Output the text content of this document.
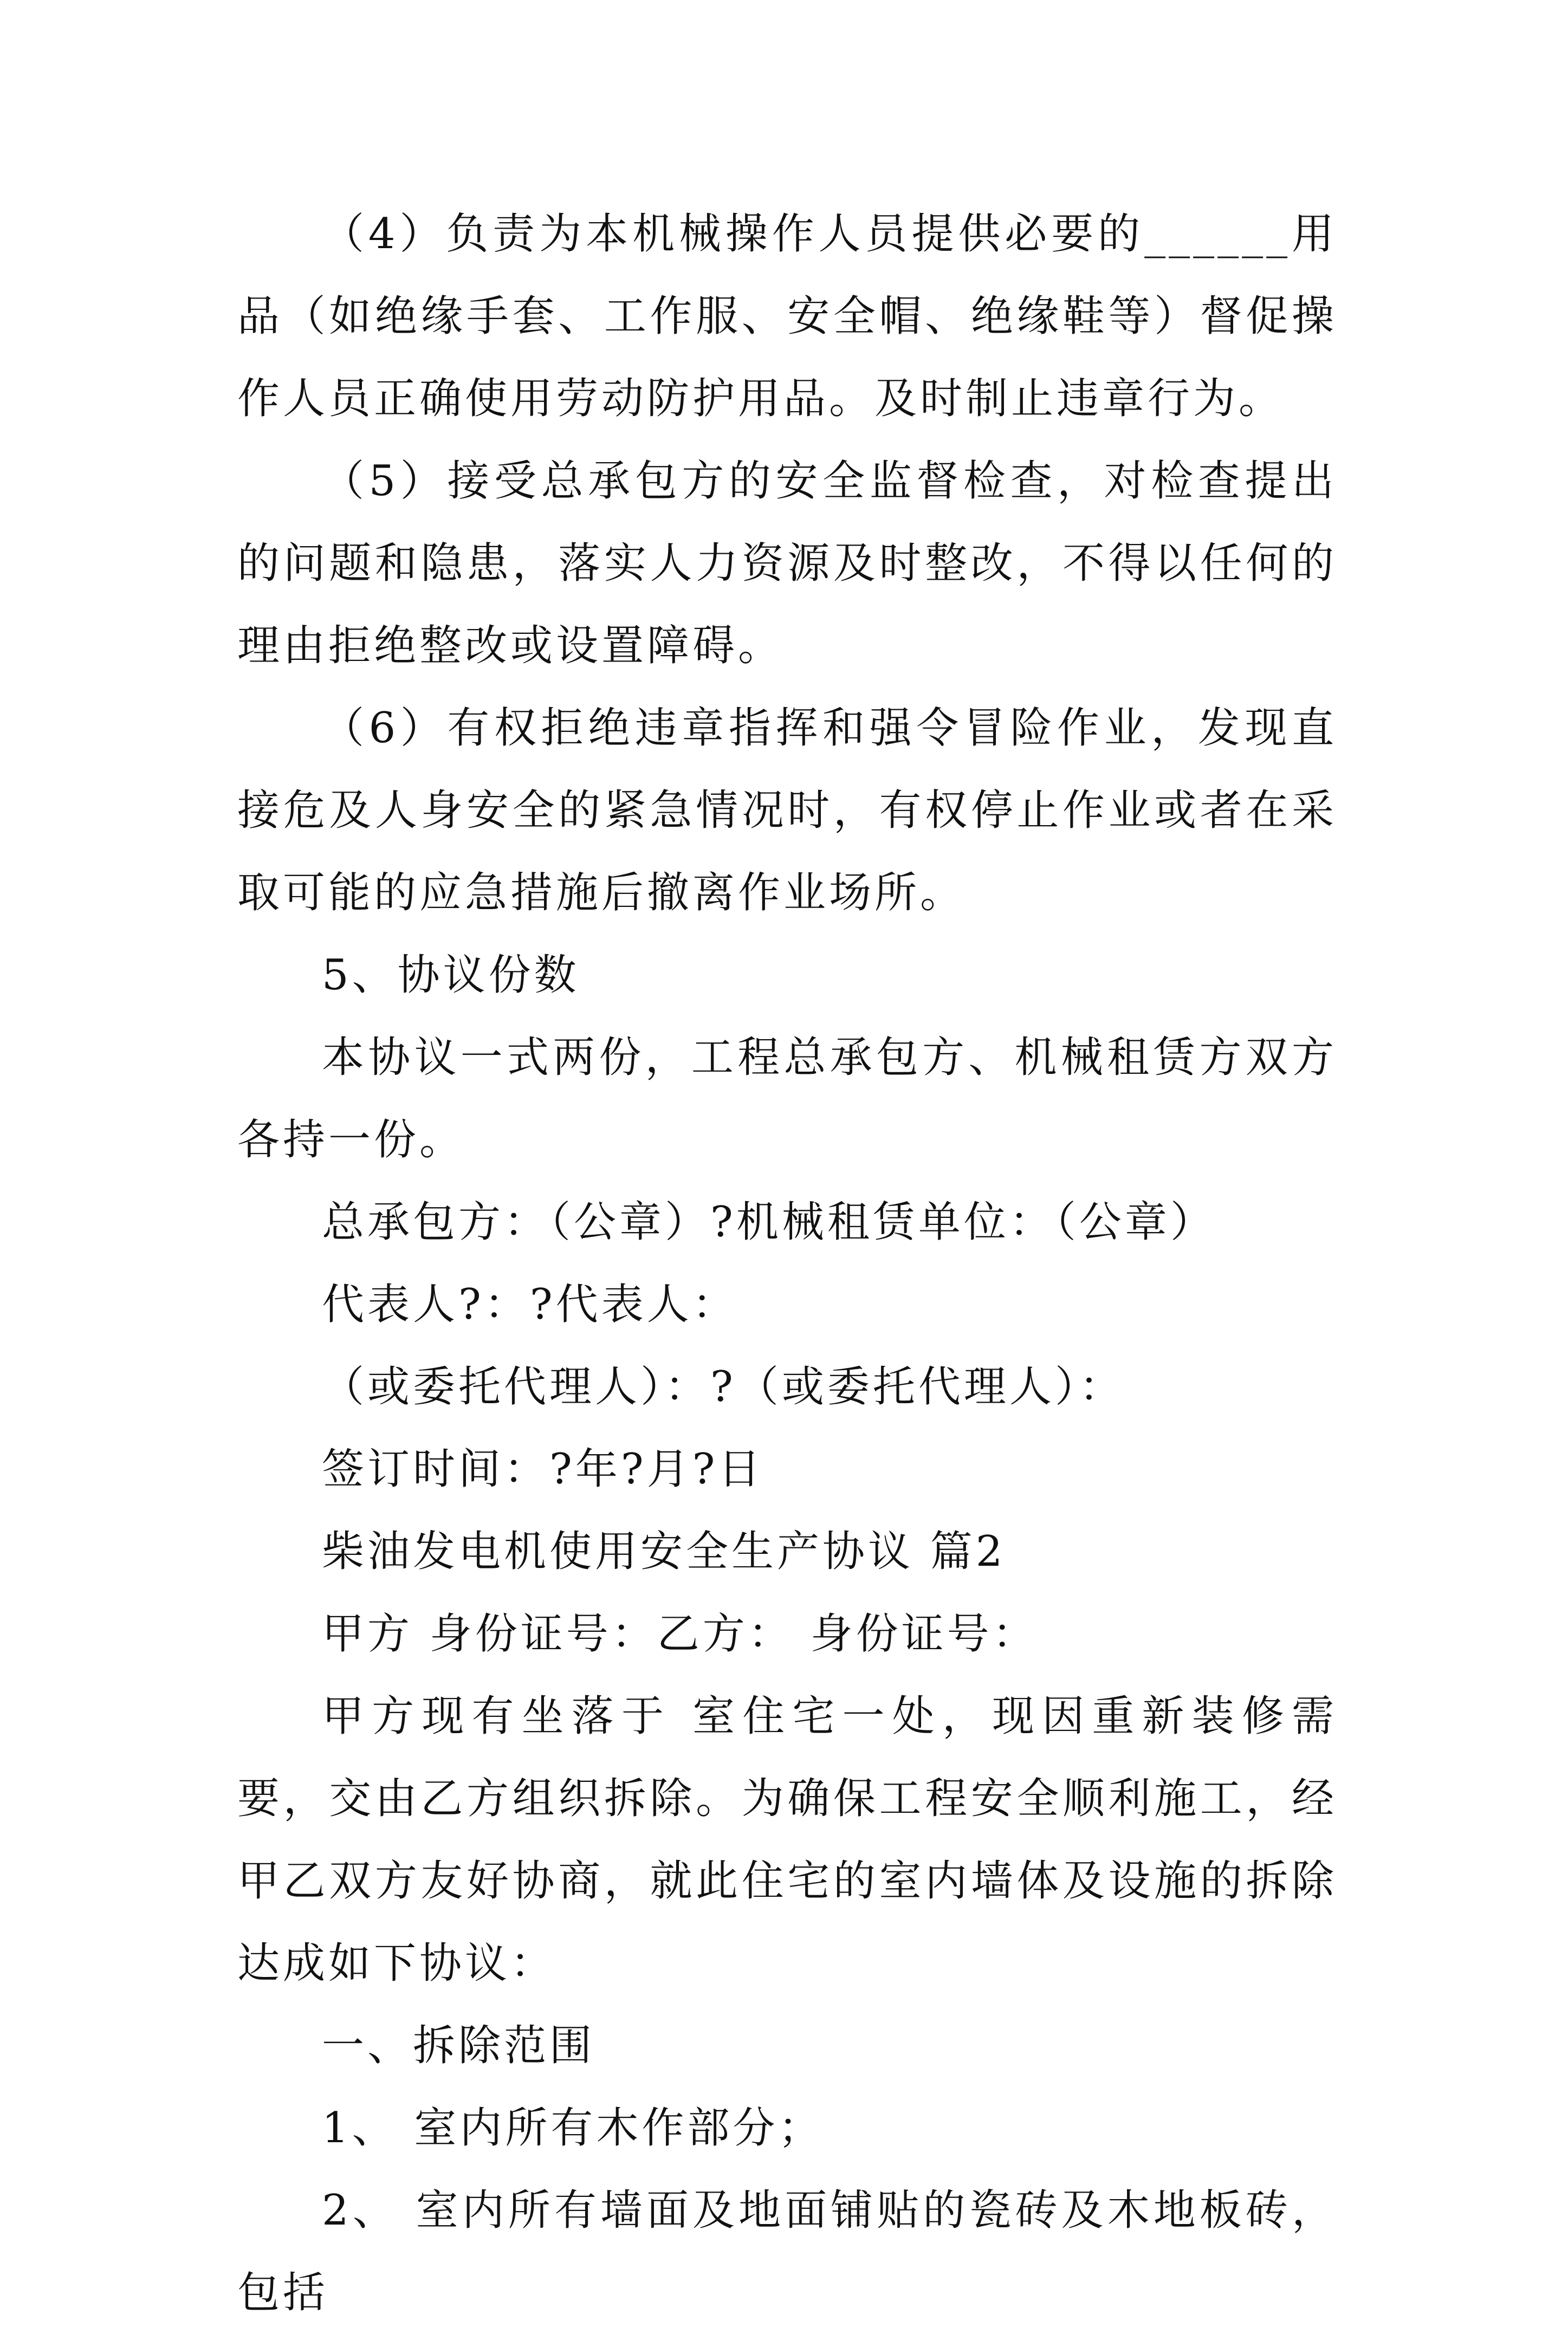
（4）负责为本机械操作人员提供必要的______用品（如绝缘手套、工作服、安全帽、绝缘鞋等）督促操作人员正确使用劳动防护用品。及时制止违章行为。

（5）接受总承包方的安全监督检查，对检查提出的问题和隐患，落实人力资源及时整改，不得以任何的理由拒绝整改或设置障碍。

（6）有权拒绝违章指挥和强令冒险作业，发现直接危及人身安全的紧急情况时，有权停止作业或者在采取可能的应急措施后撤离作业场所。

5、协议份数

本协议一式两份，工程总承包方、机械租赁方双方各持一份。

总承包方：（公章）?机械租赁单位：（公章）

代表人?：?代表人：

（或委托代理人）：?（或委托代理人）：

签订时间：?年?月?日

柴油发电机使用安全生产协议 篇2

甲方 身份证号：乙方： 身份证号：

甲方现有坐落于 室住宅一处，现因重新装修需要，交由乙方组织拆除。为确保工程安全顺利施工，经甲乙双方友好协商，就此住宅的室内墙体及设施的拆除达成如下协议：

一、拆除范围

1、 室内所有木作部分；

2、 室内所有墙面及地面铺贴的瓷砖及木地板砖，包括
